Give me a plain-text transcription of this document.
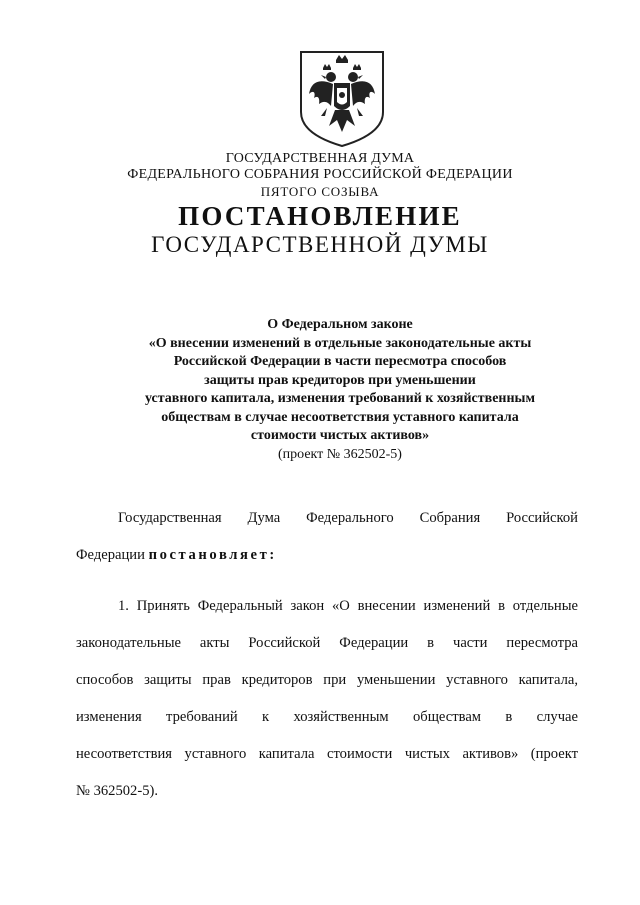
ГОСУДАРСТВЕННАЯ ДУМА
ФЕДЕРАЛЬНОГО СОБРАНИЯ РОССИЙСКОЙ ФЕДЕРАЦИИ
ПЯТОГО СОЗЫВА
ПОСТАНОВЛЕНИЕ
ГОСУДАРСТВЕННОЙ ДУМЫ
О Федеральном законе
«О внесении изменений в отдельные законодательные акты
Российской Федерации в части пересмотра способов
защиты прав кредиторов при уменьшении
уставного капитала, изменения требований к хозяйственным
обществам в случае несоответствия уставного капитала
стоимости чистых активов»
(проект № 362502-5)
Государственная Дума Федерального Собрания Российской
Федерации постановляет:
1. Принять Федеральный закон «О внесении изменений в отдельные
законодательные акты Российской Федерации в части пересмотра
способов защиты прав кредиторов при уменьшении уставного капитала,
изменения требований к хозяйственным обществам в случае
несоответствия уставного капитала стоимости чистых активов» (проект
№ 362502-5).
